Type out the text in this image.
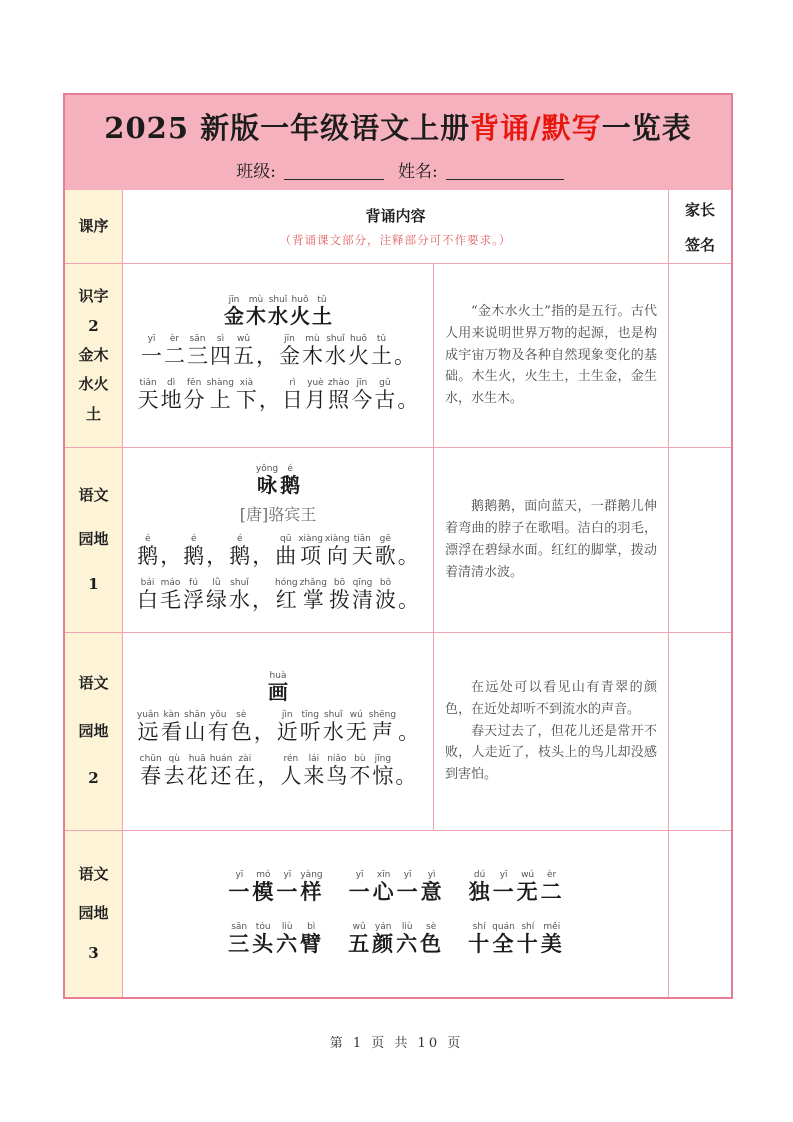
2025 新版一年级语文上册背诵/默写一览表
班级:	姓名:
课序
背诵内容
（背诵课文部分，注释部分可不作要求。）
家长
签名
识字
2
金木
水火
土
金jīn木mù水shuǐ火huǒ土tǔ
一yī二èr三sān四sì五wǔ，金jīn木mù水shuǐ火huǒ土tǔ。
天tiān地dì分fēn上shàng下xià，日rì月yuè照zhào今jīn古gǔ。

“金木水火土”指的是五行。古代人用来说明世界万物的起源，也是构成宇宙万物及各种自然现象变化的基础。木生火，火生土，土生金，金生水，水生木。

语文
园地
1
咏yǒng鹅é
[唐]骆宾王
鹅é，鹅é，鹅é，曲qū项xiàng向xiàng天tiān歌gē。
白bái毛máo浮fú绿lǜ水shuǐ，红hóng掌zhǎng拨bō清qīng波bō。

鹅鹅鹅，面向蓝天，一群鹅儿伸着弯曲的脖子在歌唱。洁白的羽毛，漂浮在碧绿水面。红红的脚掌，拨动着清清水波。

语文
园地
2
画huà
远yuǎn看kàn山shān有yǒu色sè，近jìn听tīng水shuǐ无wú声shēng。
春chūn去qù花huā还huán在zài，人rén来lái鸟niǎo不bù惊jīng。

在远处可以看见山有青翠的颜色，在近处却听不到流水的声音。

春天过去了，但花儿还是常开不败，人走近了，枝头上的鸟儿却没感到害怕。

语文
园地
3
一yī模mó一yī样yàng　一yī心xīn一yī意yì　独dú一yī无wú二èr
三sān头tóu六liù臂bì　五wǔ颜yán六liù色sè　十shí全quán十shí美měi
第 1 页 共 10 页
